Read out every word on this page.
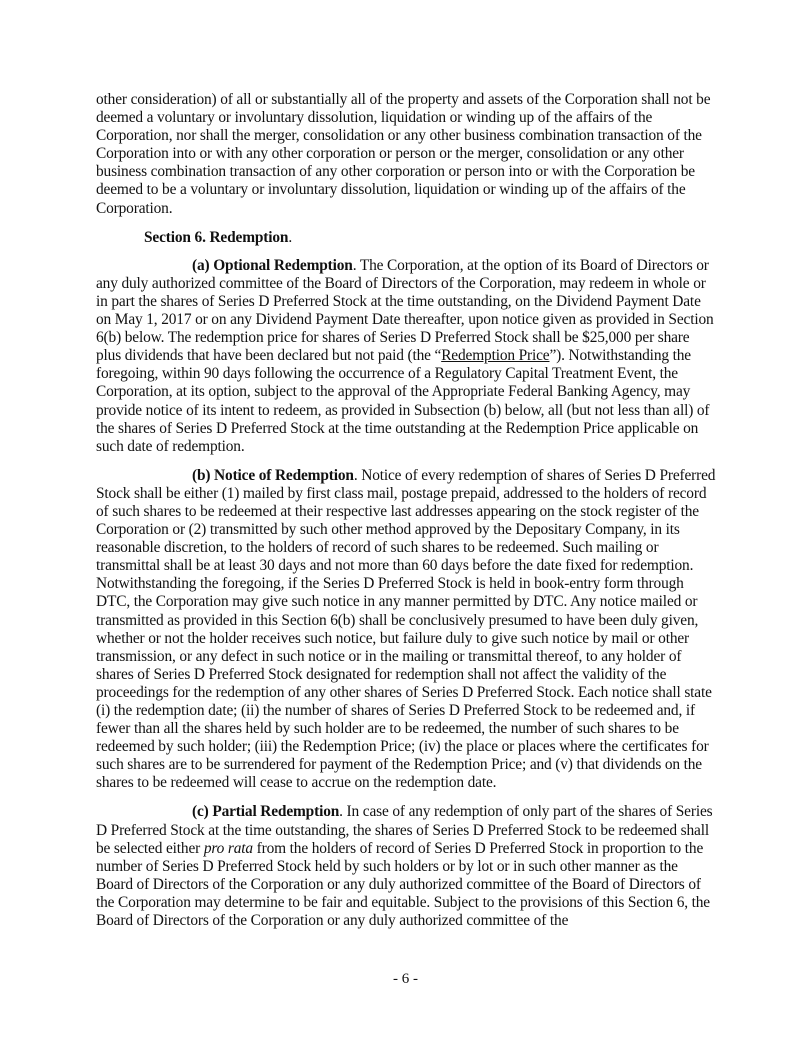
other consideration) of all or substantially all of the property and assets of the Corporation shall not be deemed a voluntary or involuntary dissolution, liquidation or winding up of the affairs of the Corporation, nor shall the merger, consolidation or any other business combination transaction of the Corporation into or with any other corporation or person or the merger, consolidation or any other business combination transaction of any other corporation or person into or with the Corporation be deemed to be a voluntary or involuntary dissolution, liquidation or winding up of the affairs of the Corporation.

Section 6. Redemption.

(a) Optional Redemption. The Corporation, at the option of its Board of Directors or any duly authorized committee of the Board of Directors of the Corporation, may redeem in whole or in part the shares of Series D Preferred Stock at the time outstanding, on the Dividend Payment Date on May 1, 2017 or on any Dividend Payment Date thereafter, upon notice given as provided in Section 6(b) below. The redemption price for shares of Series D Preferred Stock shall be $25,000 per share plus dividends that have been declared but not paid (the “Redemption Price”). Notwithstanding the foregoing, within 90 days following the occurrence of a Regulatory Capital Treatment Event, the Corporation, at its option, subject to the approval of the Appropriate Federal Banking Agency, may provide notice of its intent to redeem, as provided in Subsection (b) below, all (but not less than all) of the shares of Series D Preferred Stock at the time outstanding at the Redemption Price applicable on such date of redemption.

(b) Notice of Redemption. Notice of every redemption of shares of Series D Preferred Stock shall be either (1) mailed by first class mail, postage prepaid, addressed to the holders of record of such shares to be redeemed at their respective last addresses appearing on the stock register of the Corporation or (2) transmitted by such other method approved by the Depositary Company, in its reasonable discretion, to the holders of record of such shares to be redeemed. Such mailing or transmittal shall be at least 30 days and not more than 60 days before the date fixed for redemption. Notwithstanding the foregoing, if the Series D Preferred Stock is held in book-entry form through DTC, the Corporation may give such notice in any manner permitted by DTC. Any notice mailed or transmitted as provided in this Section 6(b) shall be conclusively presumed to have been duly given, whether or not the holder receives such notice, but failure duly to give such notice by mail or other transmission, or any defect in such notice or in the mailing or transmittal thereof, to any holder of shares of Series D Preferred Stock designated for redemption shall not affect the validity of the proceedings for the redemption of any other shares of Series D Preferred Stock. Each notice shall state (i) the redemption date; (ii) the number of shares of Series D Preferred Stock to be redeemed and, if fewer than all the shares held by such holder are to be redeemed, the number of such shares to be redeemed by such holder; (iii) the Redemption Price; (iv) the place or places where the certificates for such shares are to be surrendered for payment of the Redemption Price; and (v) that dividends on the shares to be redeemed will cease to accrue on the redemption date.

(c) Partial Redemption. In case of any redemption of only part of the shares of Series D Preferred Stock at the time outstanding, the shares of Series D Preferred Stock to be redeemed shall be selected either pro rata from the holders of record of Series D Preferred Stock in proportion to the number of Series D Preferred Stock held by such holders or by lot or in such other manner as the Board of Directors of the Corporation or any duly authorized committee of the Board of Directors of the Corporation may determine to be fair and equitable. Subject to the provisions of this Section 6, the Board of Directors of the Corporation or any duly authorized committee of the

- 6 -
